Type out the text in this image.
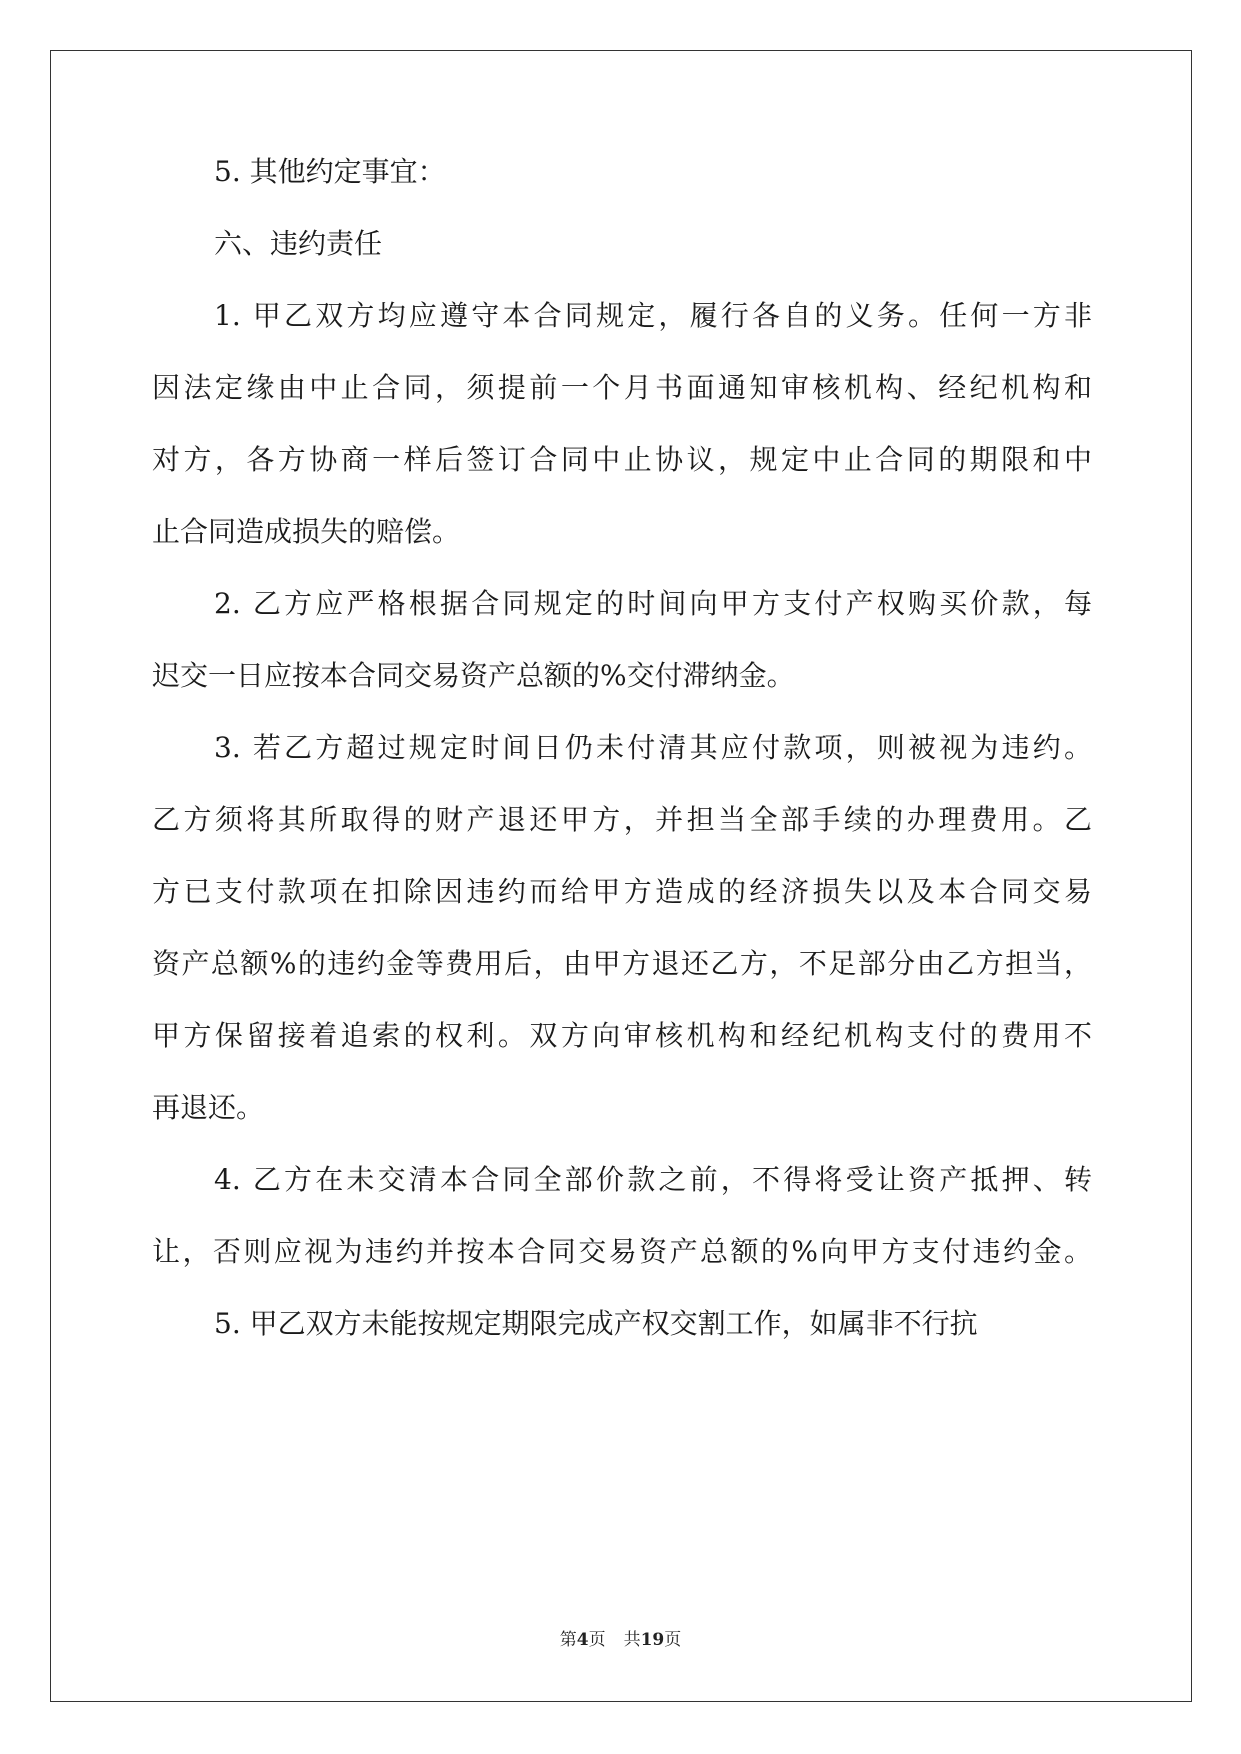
5. 其他约定事宜：
六、违约责任
1. 甲乙双方均应遵守本合同规定，履行各自的义务。任何一方非
因法定缘由中止合同，须提前一个月书面通知审核机构、经纪机构和
对方，各方协商一样后签订合同中止协议，规定中止合同的期限和中
止合同造成损失的赔偿。
2. 乙方应严格根据合同规定的时间向甲方支付产权购买价款，每
迟交一日应按本合同交易资产总额的%交付滞纳金。
3. 若乙方超过规定时间日仍未付清其应付款项，则被视为违约。
乙方须将其所取得的财产退还甲方，并担当全部手续的办理费用。乙
方已支付款项在扣除因违约而给甲方造成的经济损失以及本合同交易
资产总额%的违约金等费用后，由甲方退还乙方，不足部分由乙方担当，
甲方保留接着追索的权利。双方向审核机构和经纪机构支付的费用不
再退还。
4. 乙方在未交清本合同全部价款之前，不得将受让资产抵押、转
让，否则应视为违约并按本合同交易资产总额的%向甲方支付违约金。
5. 甲乙双方未能按规定期限完成产权交割工作，如属非不行抗
第4页 共19页
